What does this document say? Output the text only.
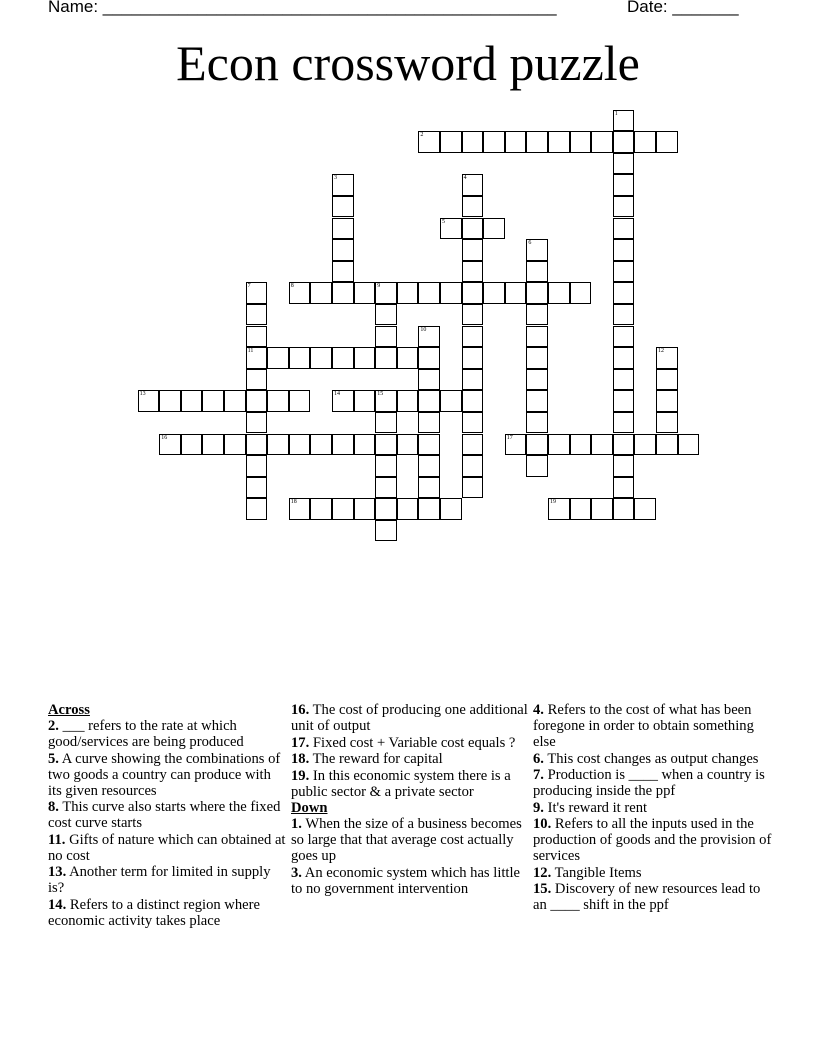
Name: ________________________________________________	Date: _______
Econ crossword puzzle
1
2
3	4
5
6
7
11
8	9
10
12
13	14	15
16	17
18	19
Across
2. ___ refers to the rate at which good/services are being produced
5. A curve showing the combinations of two goods a country can produce with its given resources
8. This curve also starts where the fixed cost curve starts
11. Gifts of nature which can obtained at no cost
13. Another term for limited in supply is?
14. Refers to a distinct region where economic activity takes place
16. The cost of producing one additional unit of output
17. Fixed cost + Variable cost equals ?
18. The reward for capital
19. In this economic system there is a public sector & a private sector
Down
1. When the size of a business becomes so large that that average cost actually goes up
3. An economic system which has little to no government intervention
4. Refers to the cost of what has been foregone in order to obtain something else
6. This cost changes as output changes
7. Production is ____ when a country is producing inside the ppf
9. It's reward it rent
10. Refers to all the inputs used in the production of goods and the provision of services
12. Tangible Items
15. Discovery of new resources lead to an ____ shift in the ppf
